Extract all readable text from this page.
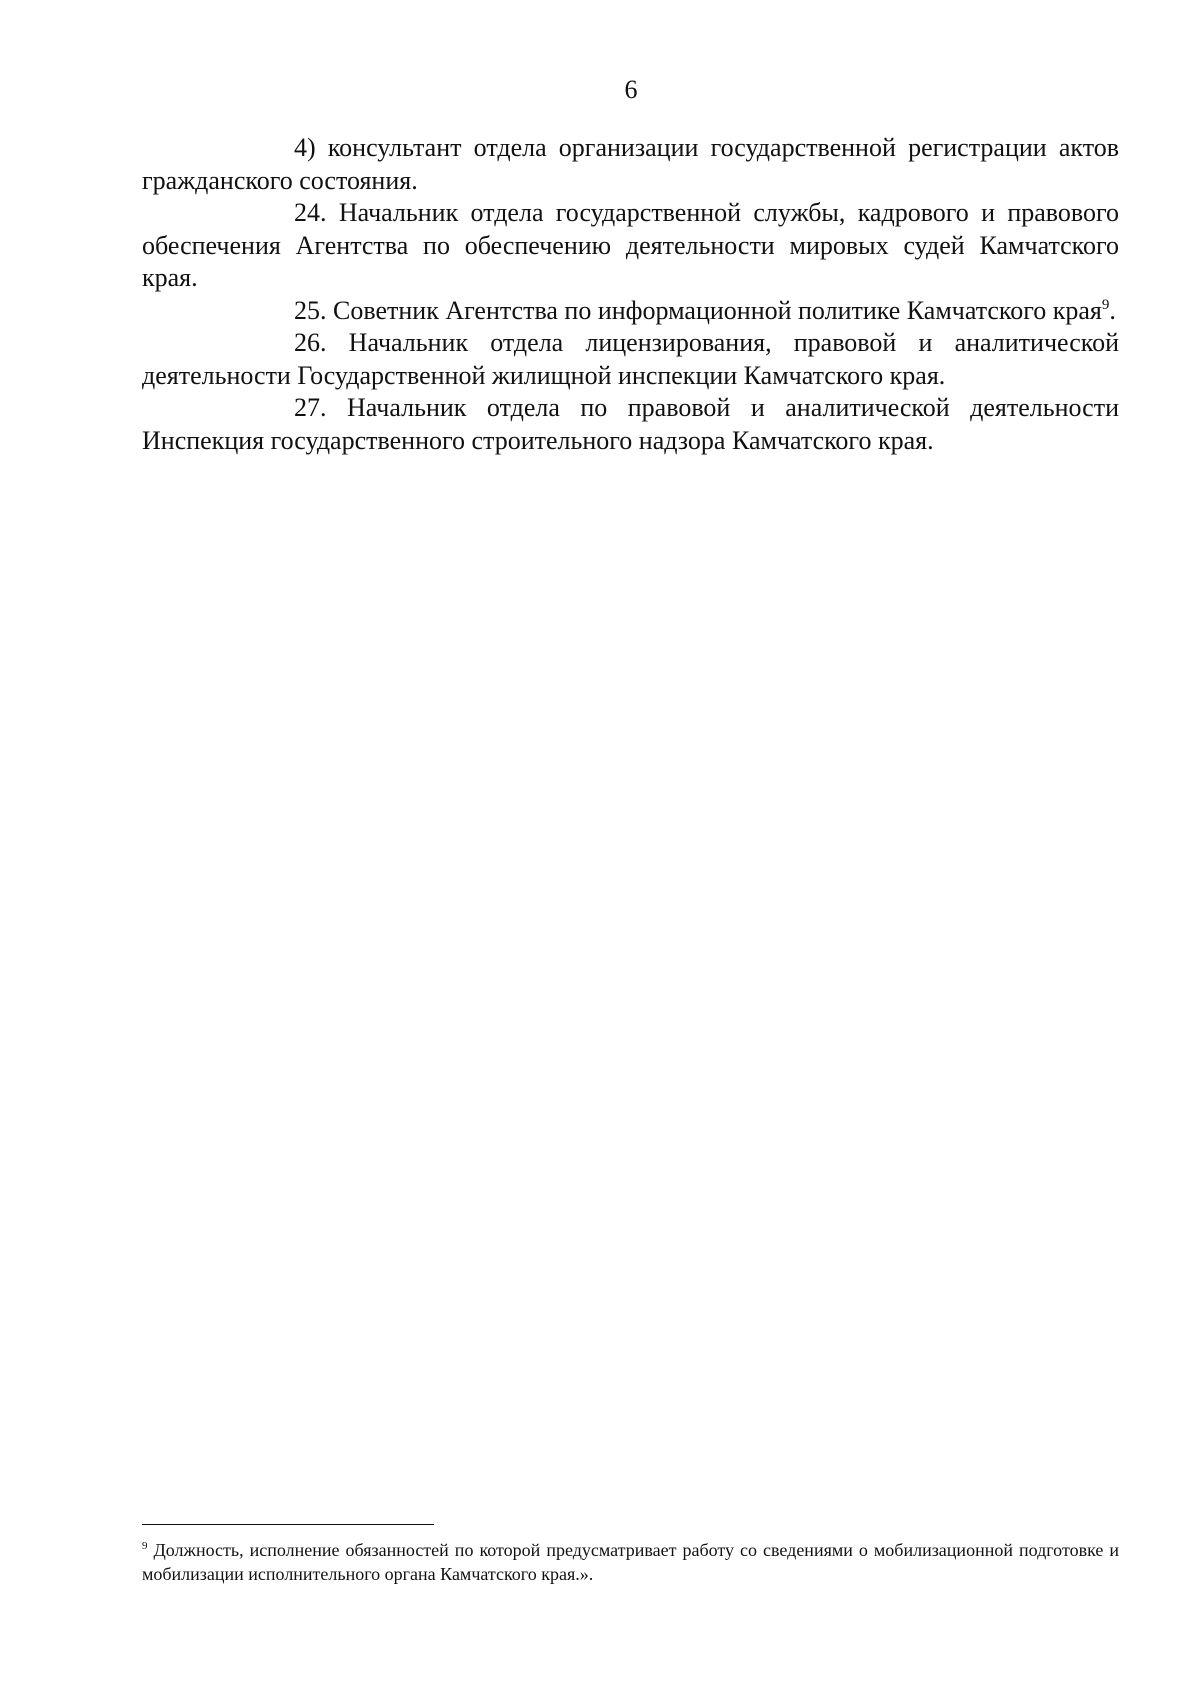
6

4) консультант отдела организации государственной регистрации актов гражданского состояния.

24. Начальник отдела государственной службы, кадрового и правового обеспечения Агентства по обеспечению деятельности мировых судей Камчатского края.

25. Советник Агентства по информационной политике Камчатского края$^9$.

26. Начальник отдела лицензирования, правовой и аналитической деятельности Государственной жилищной инспекции Камчатского края.

27. Начальник отдела по правовой и аналитической деятельности Инспекция государственного строительного надзора Камчатского края.

$^9$ Должность, исполнение обязанностей по которой предусматривает работу со сведениями о мобилизационной подготовке и мобилизации исполнительного органа Камчатского края.».
